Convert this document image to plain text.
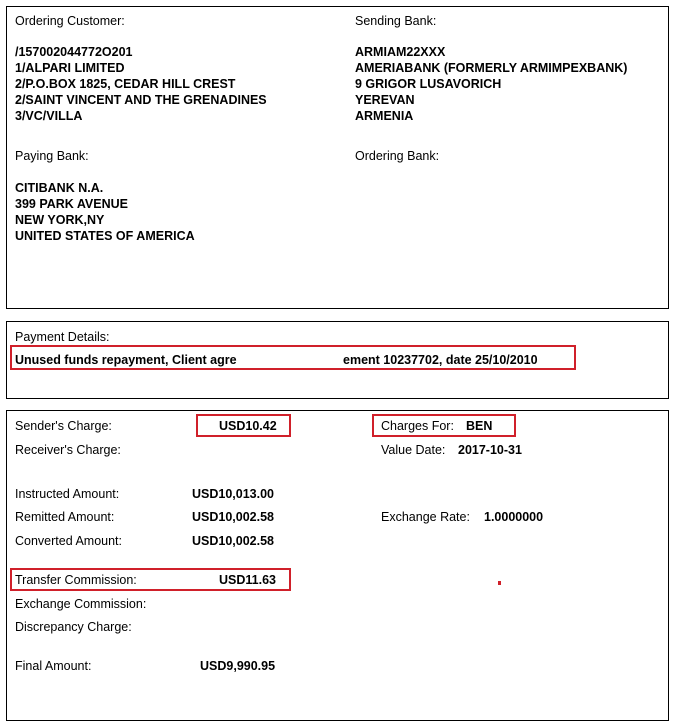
Ordering Customer:
/157002044772O201
1/ALPARI LIMITED
2/P.O.BOX 1825, CEDAR HILL CREST
2/SAINT VINCENT AND THE GRENADINES
3/VC/VILLA
Sending Bank:
ARMIAM22XXX
AMERIABANK (FORMERLY ARMIMPEXBANK)
9 GRIGOR LUSAVORICH
YEREVAN
ARMENIA
Paying Bank:
CITIBANK N.A.
399 PARK AVENUE
NEW YORK,NY
UNITED STATES OF AMERICA
Ordering Bank:
Payment Details:
Unused funds repayment, Client agre	ement 10237702, date 25/10/2010
Sender's Charge:	USD10.42	Charges For: BEN
Receiver's Charge:	Value Date: 2017-10-31
Instructed Amount:	USD10,013.00
Remitted Amount:	USD10,002.58	Exchange Rate: 1.0000000
Converted Amount:	USD10,002.58
Transfer Commission:	USD11.63
Exchange Commission:
Discrepancy Charge:
Final Amount:	USD9,990.95
